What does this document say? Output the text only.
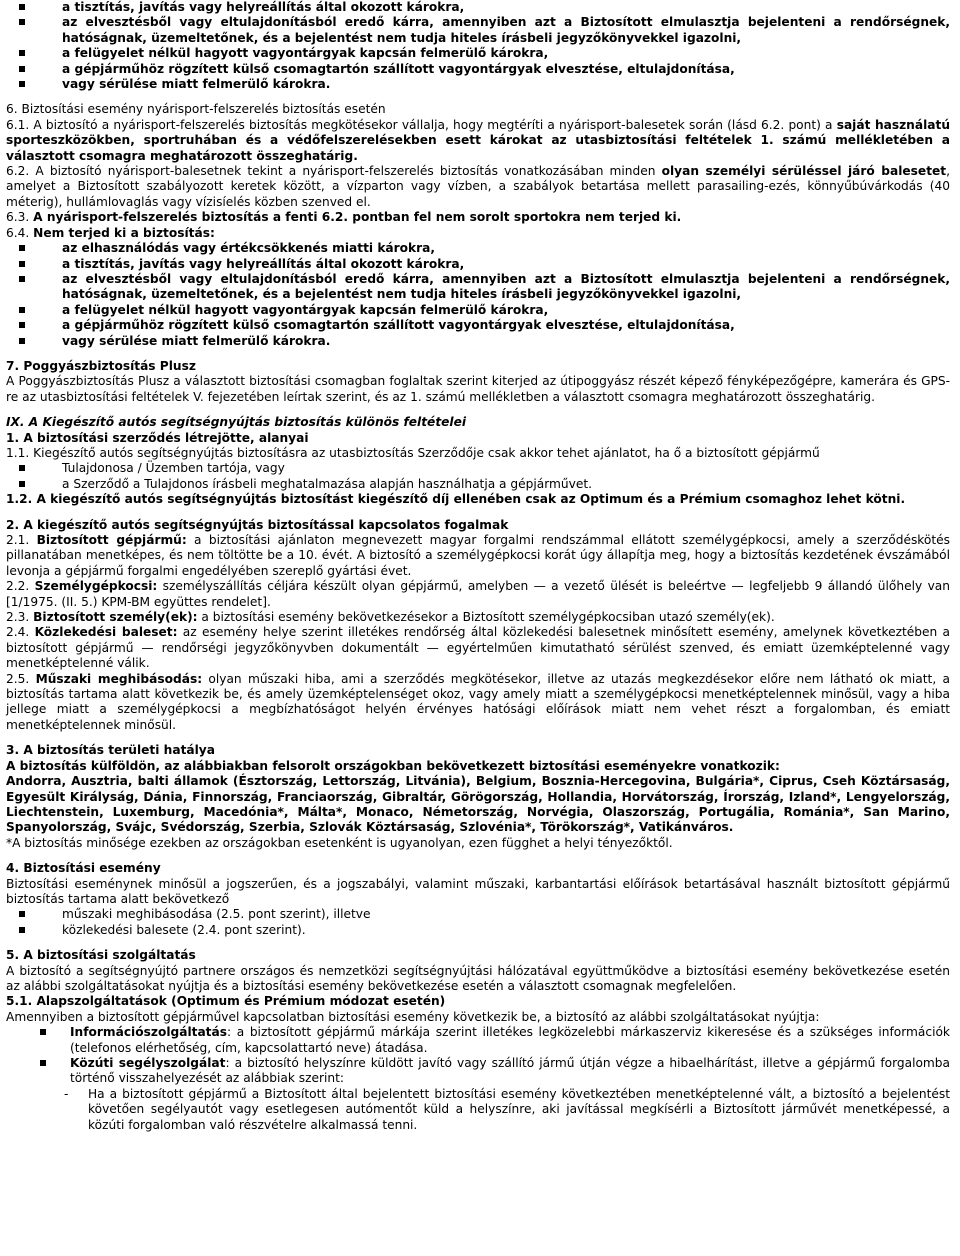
a tisztítás, javítás vagy helyreállítás által okozott károkra,
az elvesztésből vagy eltulajdonításból eredő kárra, amennyiben azt a Biztosított elmulasztja bejelenteni a rendőrségnek, hatóságnak, üzemeltetőnek, és a bejelentést nem tudja hiteles írásbeli jegyzőkönyvekkel igazolni,
a felügyelet nélkül hagyott vagyontárgyak kapcsán felmerülő károkra,
a gépjárműhöz rögzített külső csomagtartón szállított vagyontárgyak elvesztése, eltulajdonítása,
vagy sérülése miatt felmerülő károkra.

6. Biztosítási esemény nyárisport-felszerelés biztosítás esetén

6.1. A biztosító a nyárisport-felszerelés biztosítás megkötésekor vállalja, hogy megtéríti a nyárisport-balesetek során (lásd 6.2. pont) a saját használatú sporteszközökben, sportruhában és a védőfelszerelésekben esett károkat az utasbiztosítási feltételek 1. számú mellékletében a választott csomagra meghatározott összeghatárig.

6.2. A biztosító nyárisport-balesetnek tekint a nyárisport-felszerelés biztosítás vonatkozásában minden olyan személyi sérüléssel járó balesetet, amelyet a Biztosított szabályozott keretek között, a vízparton vagy vízben, a szabályok betartása mellett parasailing-ezés, könnyűbúvárkodás (40 méterig), hullámlovaglás vagy vízisíelés közben szenved el.

6.3. A nyárisport-felszerelés biztosítás a fenti 6.2. pontban fel nem sorolt sportokra nem terjed ki.

6.4. Nem terjed ki a biztosítás:

az elhasználódás vagy értékcsökkenés miatti károkra,
a tisztítás, javítás vagy helyreállítás által okozott károkra,
az elvesztésből vagy eltulajdonításból eredő kárra, amennyiben azt a Biztosított elmulasztja bejelenteni a rendőrségnek, hatóságnak, üzemeltetőnek, és a bejelentést nem tudja hiteles írásbeli jegyzőkönyvekkel igazolni,
a felügyelet nélkül hagyott vagyontárgyak kapcsán felmerülő károkra,
a gépjárműhöz rögzített külső csomagtartón szállított vagyontárgyak elvesztése, eltulajdonítása,
vagy sérülése miatt felmerülő károkra.

7. Poggyászbiztosítás Plusz

A Poggyászbiztosítás Plusz a választott biztosítási csomagban foglaltak szerint kiterjed az útipoggyász részét képező fényképezőgépre, kamerára és GPS-re az utasbiztosítási feltételek V. fejezetében leírtak szerint, és az 1. számú mellékletben a választott csomagra meghatározott összeghatárig.

IX. A Kiegészítő autós segítségnyújtás biztosítás különös feltételei

1. A biztosítási szerződés létrejötte, alanyai

1.1. Kiegészítő autós segítségnyújtás biztosításra az utasbiztosítás Szerződője csak akkor tehet ajánlatot, ha ő a biztosított gépjármű

Tulajdonosa / Üzemben tartója, vagy
a Szerződő a Tulajdonos írásbeli meghatalmazása alapján használhatja a gépjárművet.

1.2. A kiegészítő autós segítségnyújtás biztosítást kiegészítő díj ellenében csak az Optimum és a Prémium csomaghoz lehet kötni.

2. A kiegészítő autós segítségnyújtás biztosítással kapcsolatos fogalmak

2.1. Biztosított gépjármű: a biztosítási ajánlaton megnevezett magyar forgalmi rendszámmal ellátott személygépkocsi, amely a szerződéskötés pillanatában menetképes, és nem töltötte be a 10. évét. A biztosító a személygépkocsi korát úgy állapítja meg, hogy a biztosítás kezdetének évszámából levonja a gépjármű forgalmi engedélyében szereplő gyártási évet.

2.2. Személygépkocsi: személyszállítás céljára készült olyan gépjármű, amelyben — a vezető ülését is beleértve — legfeljebb 9 állandó ülőhely van [1/1975. (II. 5.) KPM-BM együttes rendelet].

2.3. Biztosított személy(ek): a biztosítási esemény bekövetkezésekor a Biztosított személygépkocsiban utazó személy(ek).

2.4. Közlekedési baleset: az esemény helye szerint illetékes rendőrség által közlekedési balesetnek minősített esemény, amelynek következtében a biztosított gépjármű — rendőrségi jegyzőkönyvben dokumentált — egyértelműen kimutatható sérülést szenved, és emiatt üzemképtelenné vagy menetképtelenné válik.

2.5. Műszaki meghibásodás: olyan műszaki hiba, ami a szerződés megkötésekor, illetve az utazás megkezdésekor előre nem látható ok miatt, a biztosítás tartama alatt következik be, és amely üzemképtelenséget okoz, vagy amely miatt a személygépkocsi menetképtelennek minősül, vagy a hiba jellege miatt a személygépkocsi a megbízhatóságot helyén érvényes hatósági előírások miatt nem vehet részt a forgalomban, és emiatt menetképtelennek minősül.

3. A biztosítás területi hatálya

A biztosítás külföldön, az alábbiakban felsorolt országokban bekövetkezett biztosítási eseményekre vonatkozik:

Andorra, Ausztria, balti államok (Észtország, Lettország, Litvánia), Belgium, Bosznia-Hercegovina, Bulgária*, Ciprus, Cseh Köztársaság, Egyesült Királyság, Dánia, Finnország, Franciaország, Gibraltár, Görögország, Hollandia, Horvátország, Írország, Izland*, Lengyelország, Liechtenstein, Luxemburg, Macedónia*, Málta*, Monaco, Németország, Norvégia, Olaszország, Portugália, Románia*, San Marino, Spanyolország, Svájc, Svédország, Szerbia, Szlovák Köztársaság, Szlovénia*, Törökország*, Vatikánváros.

*A biztosítás minősége ezekben az országokban esetenként is ugyanolyan, ezen függhet a helyi tényezőktől.

4. Biztosítási esemény

Biztosítási eseménynek minősül a jogszerűen, és a jogszabályi, valamint műszaki, karbantartási előírások betartásával használt biztosított gépjármű biztosítás tartama alatt bekövetkező

műszaki meghibásodása (2.5. pont szerint), illetve
közlekedési balesete (2.4. pont szerint).

5. A biztosítási szolgáltatás

A biztosító a segítségnyújtó partnere országos és nemzetközi segítségnyújtási hálózatával együttműködve a biztosítási esemény bekövetkezése esetén az alábbi szolgáltatásokat nyújtja és a biztosítási esemény bekövetkezése esetén a választott csomagnak megfelelően.

5.1. Alapszolgáltatások (Optimum és Prémium módozat esetén)

Amennyiben a biztosított gépjárművel kapcsolatban biztosítási esemény következik be, a biztosító az alábbi szolgáltatásokat nyújtja:

Információszolgáltatás: a biztosított gépjármű márkája szerint illetékes legközelebbi márkaszerviz kikeresése és a szükséges információk (telefonos elérhetőség, cím, kapcsolattartó neve) átadása.
Közúti segélyszolgálat: a biztosító helyszínre küldött javító vagy szállító jármű útján végze a hibaelhárítást, illetve a gépjármű forgalomba történő visszahelyezését az alábbiak szerint:
- Ha a biztosított gépjármű a Biztosított által bejelentett biztosítási esemény következtében menetképtelenné vált, a biztosító a bejelentést követően segélyautót vagy esetlegesen autómentőt küld a helyszínre, aki javítással megkísérli a Biztosított járművét menetképessé, a közúti forgalomban való részvételre alkalmassá tenni.
